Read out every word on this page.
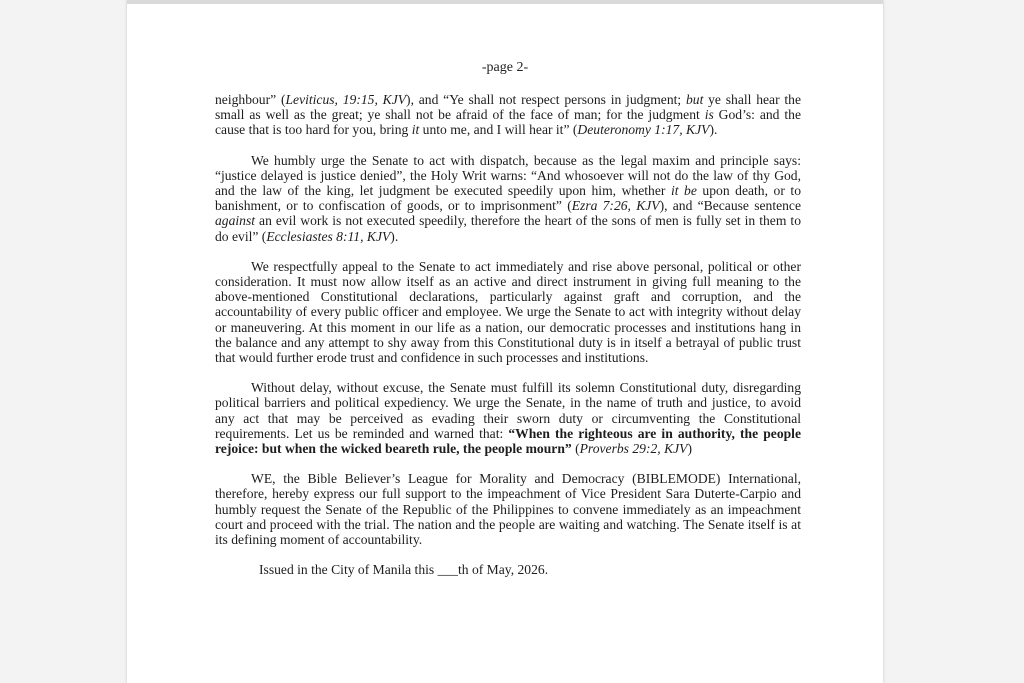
-page 2-

neighbour” (Leviticus, 19:15, KJV), and “Ye shall not respect persons in judgment; but ye shall hear the small as well as the great; ye shall not be afraid of the face of man; for the judgment is God’s: and the cause that is too hard for you, bring it unto me, and I will hear it” (Deuteronomy 1:17, KJV).

We humbly urge the Senate to act with dispatch, because as the legal maxim and principle says: “justice delayed is justice denied”, the Holy Writ warns: “And whosoever will not do the law of thy God, and the law of the king, let judgment be executed speedily upon him, whether it be upon death, or to banishment, or to confiscation of goods, or to imprisonment” (Ezra 7:26, KJV), and “Because sentence against an evil work is not executed speedily, therefore the heart of the sons of men is fully set in them to do evil” (Ecclesiastes 8:11, KJV).

We respectfully appeal to the Senate to act immediately and rise above personal, political or other consideration. It must now allow itself as an active and direct instrument in giving full meaning to the above-mentioned Constitutional declarations, particularly against graft and corruption, and the accountability of every public officer and employee. We urge the Senate to act with integrity without delay or maneuvering. At this moment in our life as a nation, our democratic processes and institutions hang in the balance and any attempt to shy away from this Constitutional duty is in itself a betrayal of public trust that would further erode trust and confidence in such processes and institutions.

Without delay, without excuse, the Senate must fulfill its solemn Constitutional duty, disregarding political barriers and political expediency. We urge the Senate, in the name of truth and justice, to avoid any act that may be perceived as evading their sworn duty or circumventing the Constitutional requirements. Let us be reminded and warned that: “When the righteous are in authority, the people rejoice: but when the wicked beareth rule, the people mourn” (Proverbs 29:2, KJV)

WE, the Bible Believer’s League for Morality and Democracy (BIBLEMODE) International, therefore, hereby express our full support to the impeachment of Vice President Sara Duterte-Carpio and humbly request the Senate of the Republic of the Philippines to convene immediately as an impeachment court and proceed with the trial. The nation and the people are waiting and watching. The Senate itself is at its defining moment of accountability.

Issued in the City of Manila this ___th of May, 2026.
